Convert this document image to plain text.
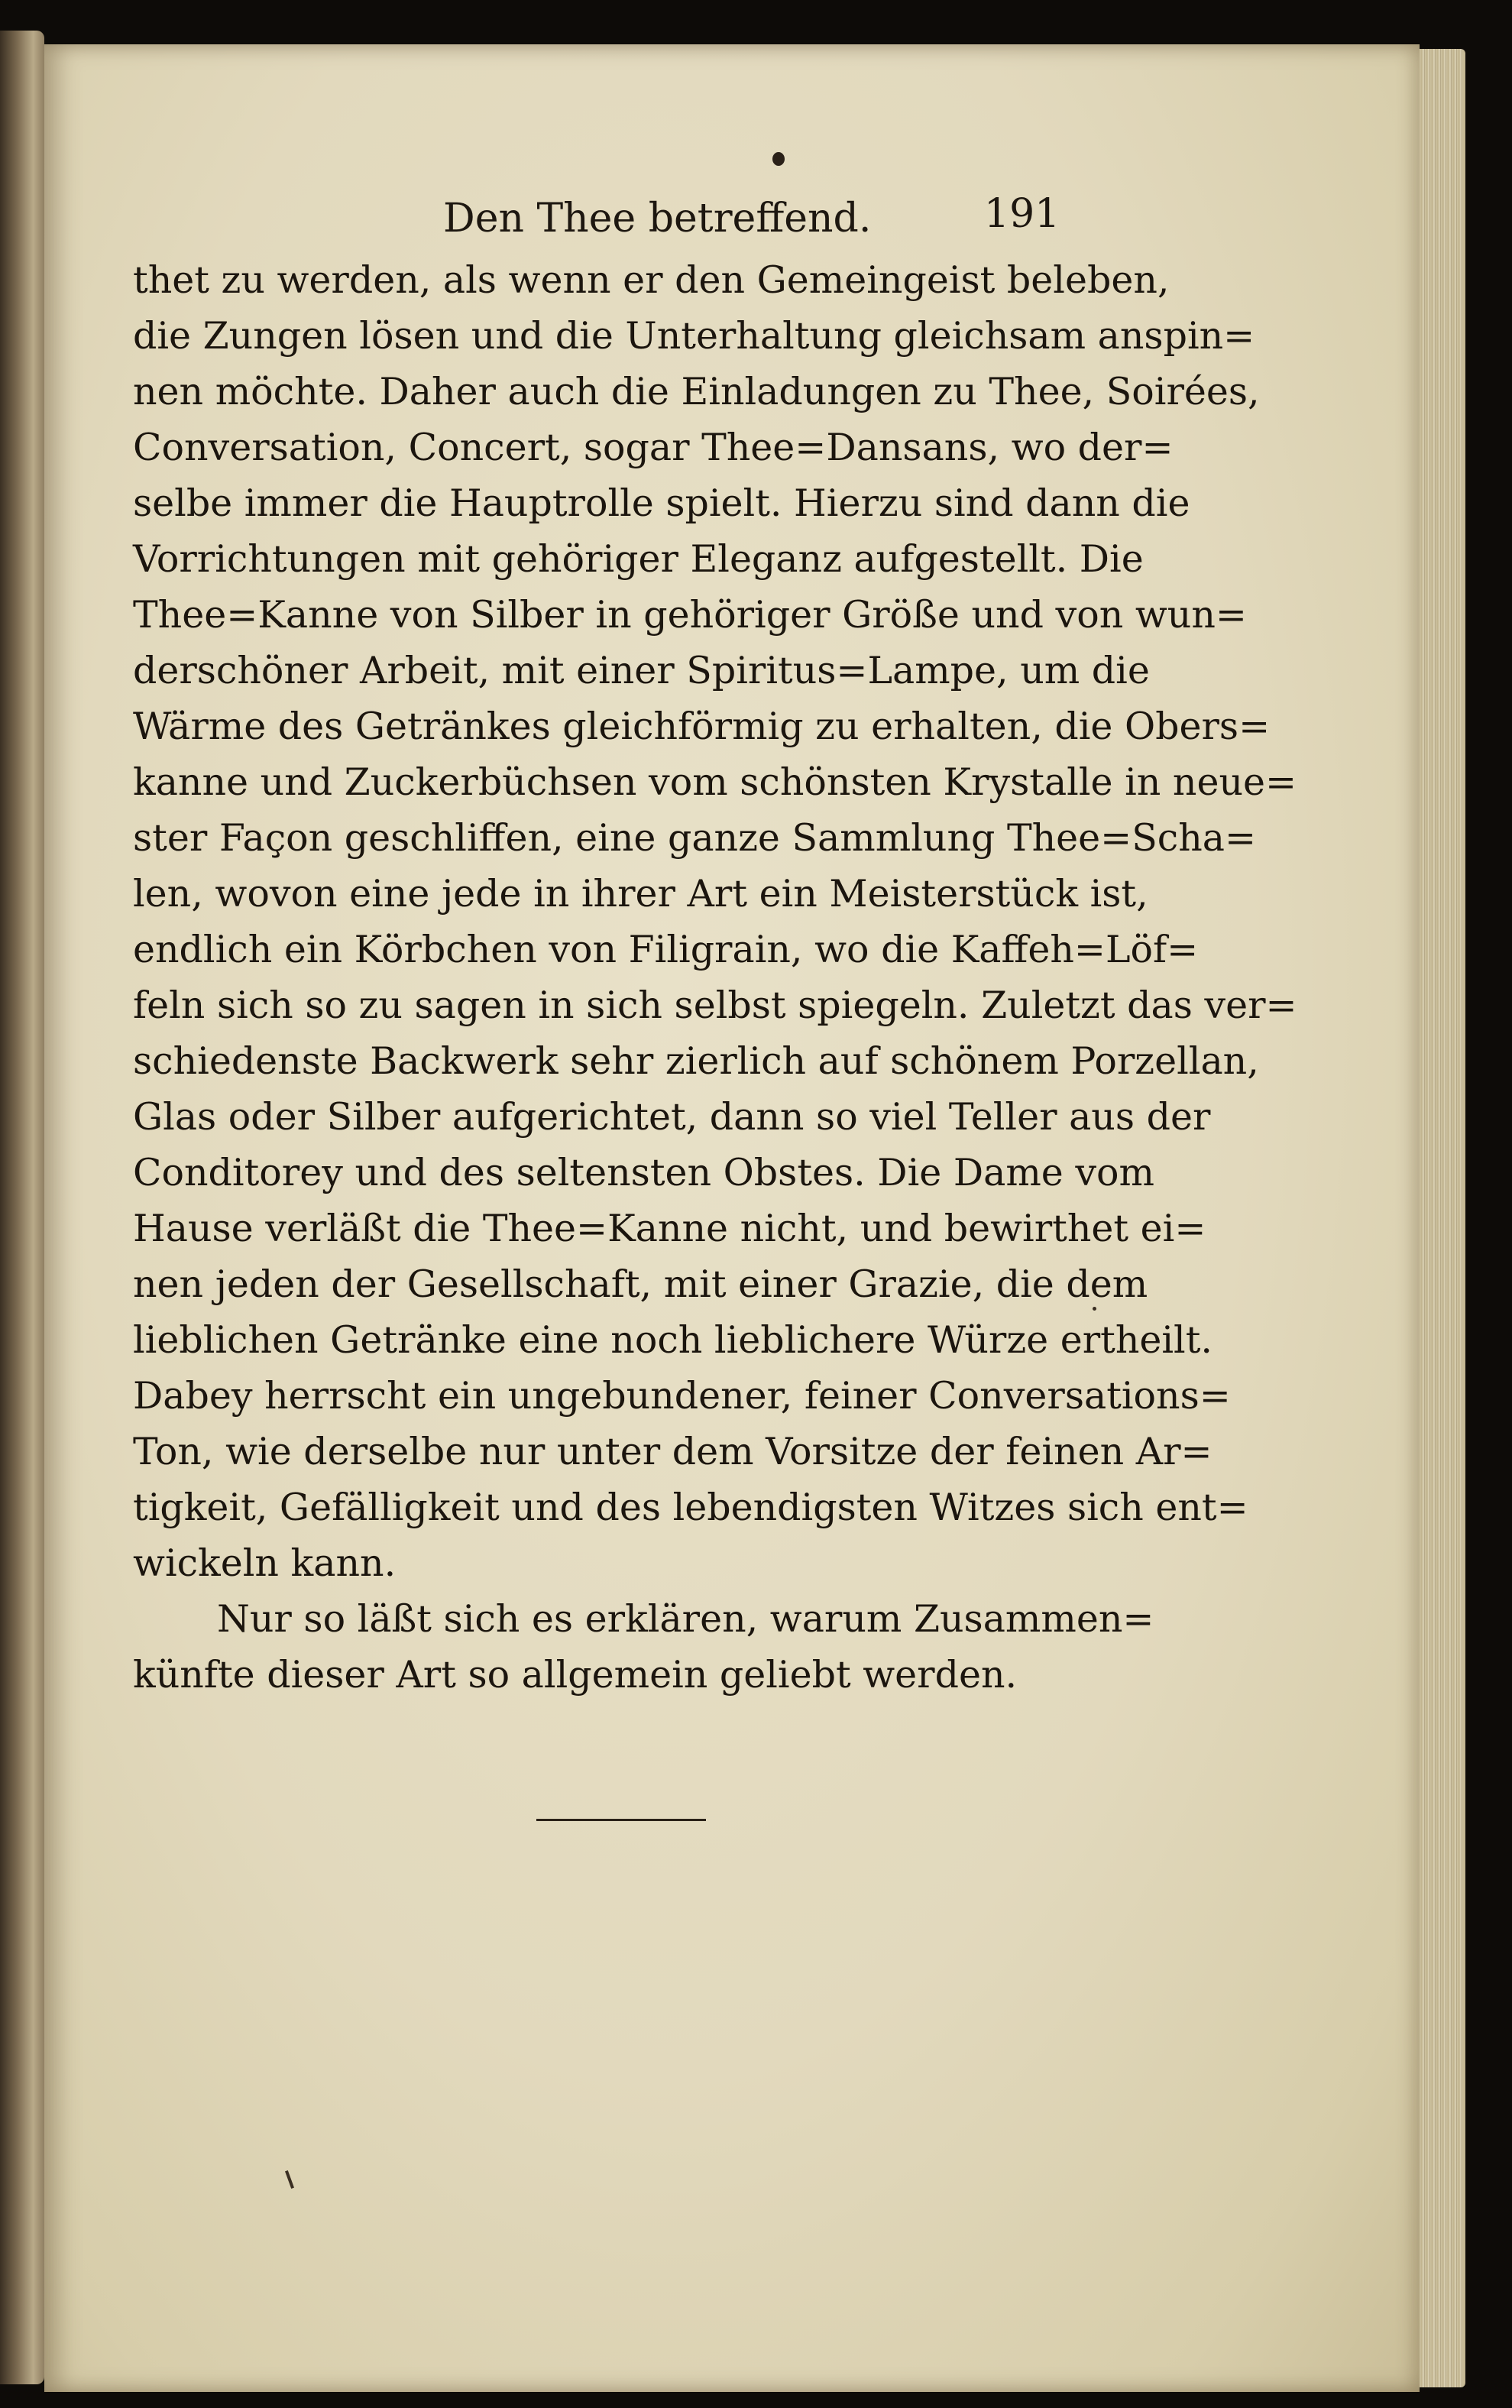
Den Thee betreffend.	191
thet zu werden, als wenn er den Gemeingeist beleben,
die Zungen lösen und die Unterhaltung gleichsam anspin=
nen möchte. Daher auch die Einladungen zu Thee, Soirées,
Conversation, Concert, sogar Thee=Dansans, wo der=
selbe immer die Hauptrolle spielt. Hierzu sind dann die
Vorrichtungen mit gehöriger Eleganz aufgestellt. Die
Thee=Kanne von Silber in gehöriger Größe und von wun=
derschöner Arbeit, mit einer Spiritus=Lampe, um die
Wärme des Getränkes gleichförmig zu erhalten, die Obers=
kanne und Zuckerbüchsen vom schönsten Krystalle in neue=
ster Façon geschliffen, eine ganze Sammlung Thee=Scha=
len, wovon eine jede in ihrer Art ein Meisterstück ist,
endlich ein Körbchen von Filigrain, wo die Kaffeh=Löf=
feln sich so zu sagen in sich selbst spiegeln. Zuletzt das ver=
schiedenste Backwerk sehr zierlich auf schönem Porzellan,
Glas oder Silber aufgerichtet, dann so viel Teller aus der
Conditorey und des seltensten Obstes. Die Dame vom
Hause verläßt die Thee=Kanne nicht, und bewirthet ei=
nen jeden der Gesellschaft, mit einer Grazie, die dem
lieblichen Getränke eine noch lieblichere Würze ertheilt.
Dabey herrscht ein ungebundener, feiner Conversations=
Ton, wie derselbe nur unter dem Vorsitze der feinen Ar=
tigkeit, Gefälligkeit und des lebendigsten Witzes sich ent=
wickeln kann.
Nur so läßt sich es erklären, warum Zusammen=
künfte dieser Art so allgemein geliebt werden.
